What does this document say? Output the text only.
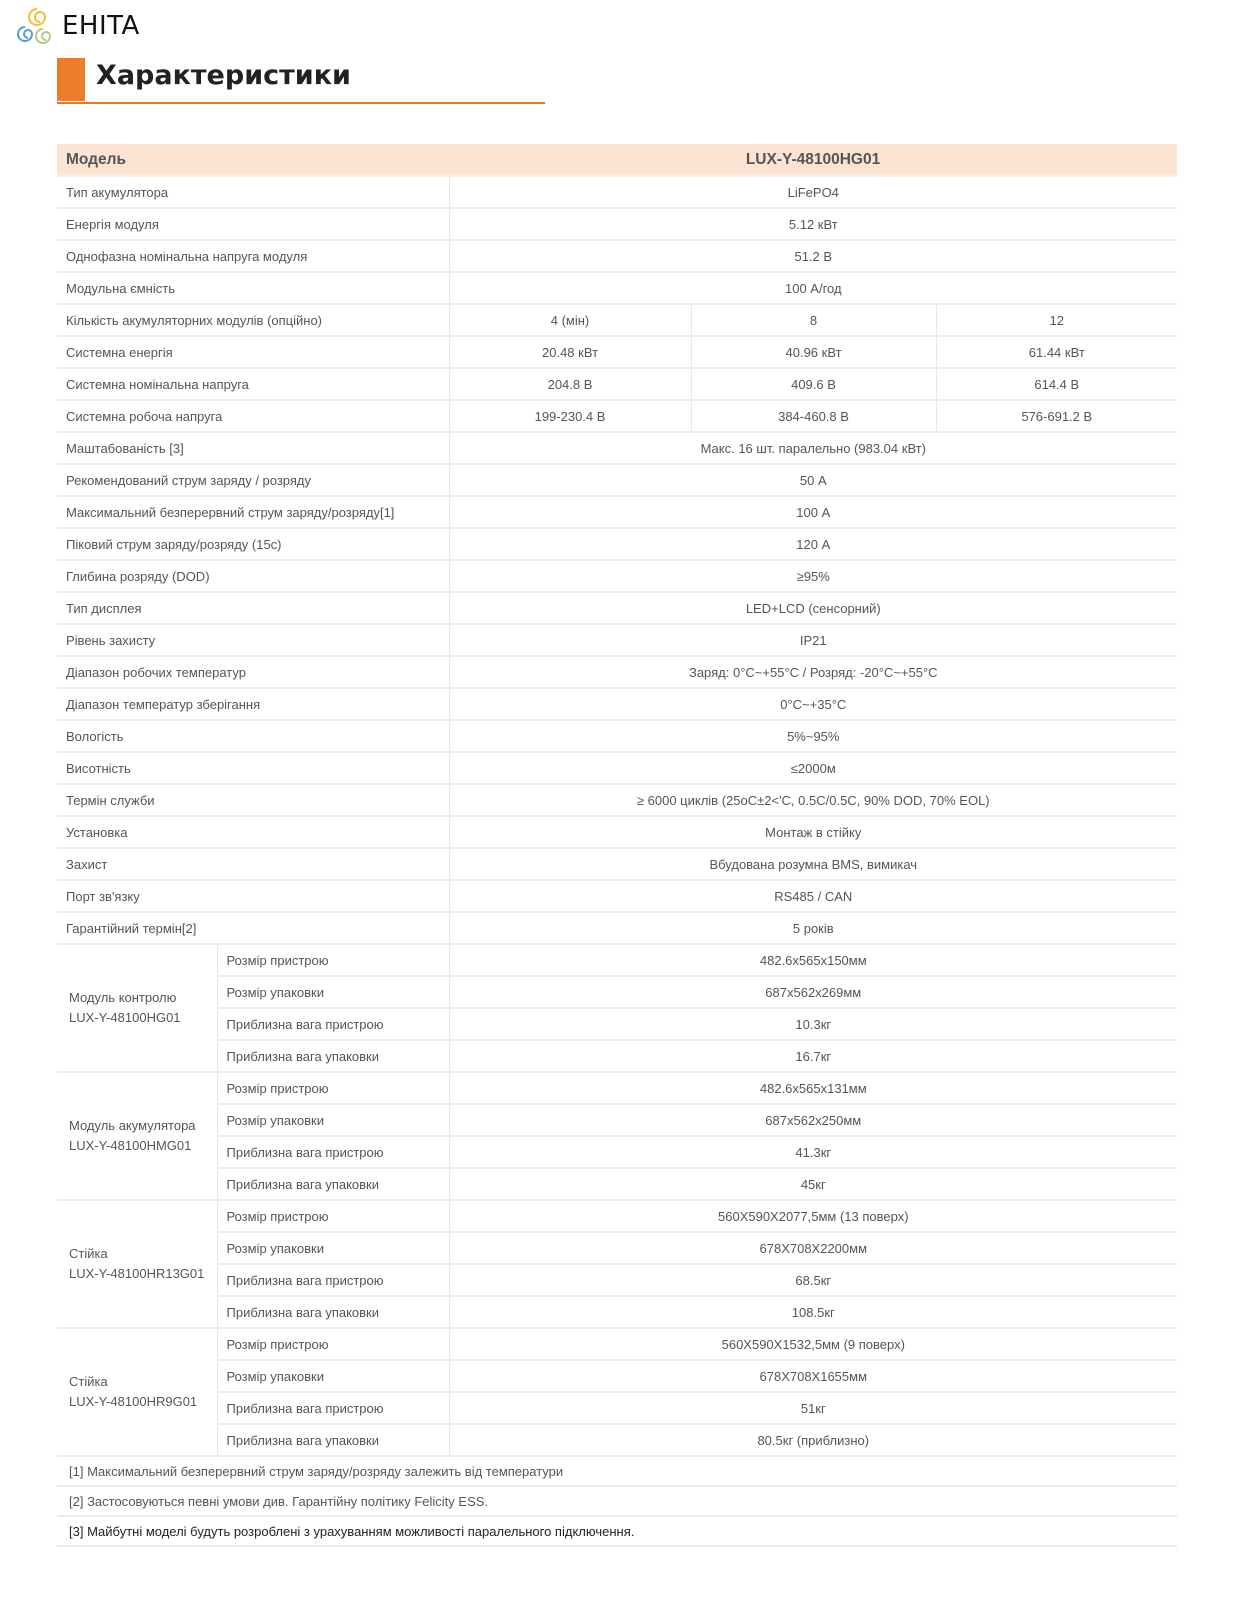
EHITA
Характеристики
Модель		LUX-Y-48100HG01		
Тип акумулятора		LiFePO4		
Енергія модуля		5.12 кВт		
Однофазна номінальна напруга модуля		51.2 В		
Модульна ємність		100 А/год		
Кількість акумуляторних модулів (опційно)		4 (мін)	8	12
Системна енергія		20.48 кВт	40.96 кВт	61.44 кВт
Системна номінальна напруга		204.8 В	409.6 В	614.4 В
Системна робоча напруга		199-230.4 В	384-460.8 В	576-691.2 В
Маштабованість [3]		Макс. 16 шт. паралельно (983.04 кВт)		
Рекомендований струм заряду / розряду		50 А		
Максимальний безперервний струм заряду/розряду[1]		100 А		
Піковий струм заряду/розряду (15с)		120 А		
Глибина розряду (DOD)		≥95%		
Тип дисплея		LED+LCD (сенсорний)		
Рівень захисту		IP21		
Діапазон робочих температур		Заряд: 0°C~+55°C / Розряд: -20°C~+55°C		
Діапазон температур зберігання		0°C~+35°C		
Вологість		5%~95%		
Висотність		≤2000м		
Термін служби		≥ 6000 циклів (25оС±2<'C, 0.5C/0.5C, 90% DOD, 70% EOL)		
Установка		Монтаж в стійку		
Захист		Вбудована розумна BMS, вимикач		
Порт зв'язку		RS485 / CAN		
Гарантійний термін[2]		5 років		

Модуль контролю
LUX-Y-48100HG01	Розмір пристрою	482.6x565x150мм		
	Розмір упаковки	687x562x269мм		
	Приблизна вага пристрою	10.3кг		
	Приблизна вага упаковки	16.7кг		

Модуль акумулятора
LUX-Y-48100HMG01	Розмір пристрою	482.6x565x131мм		
	Розмір упаковки	687x562x250мм		
	Приблизна вага пристрою	41.3кг		
	Приблизна вага упаковки	45кг		

Стійка
LUX-Y-48100HR13G01	Розмір пристрою	560X590X2077,5мм (13 поверх)		
	Розмір упаковки	678X708X2200мм		
	Приблизна вага пристрою	68.5кг		
	Приблизна вага упаковки	108.5кг		

Стійка
LUX-Y-48100HR9G01	Розмір пристрою	560X590X1532,5мм (9 поверх)		
	Розмір упаковки	678X708X1655мм		
	Приблизна вага пристрою	51кг		
	Приблизна вага упаковки	80.5кг (приблизно)		
[1] Максимальний безперервний струм заряду/розряду залежить від температури				
[2] Застосовуються певні умови див. Гарантійну політику Felicity ESS.				
[3] Майбутні моделі будуть розроблені з урахуванням можливості паралельного підключення.				
